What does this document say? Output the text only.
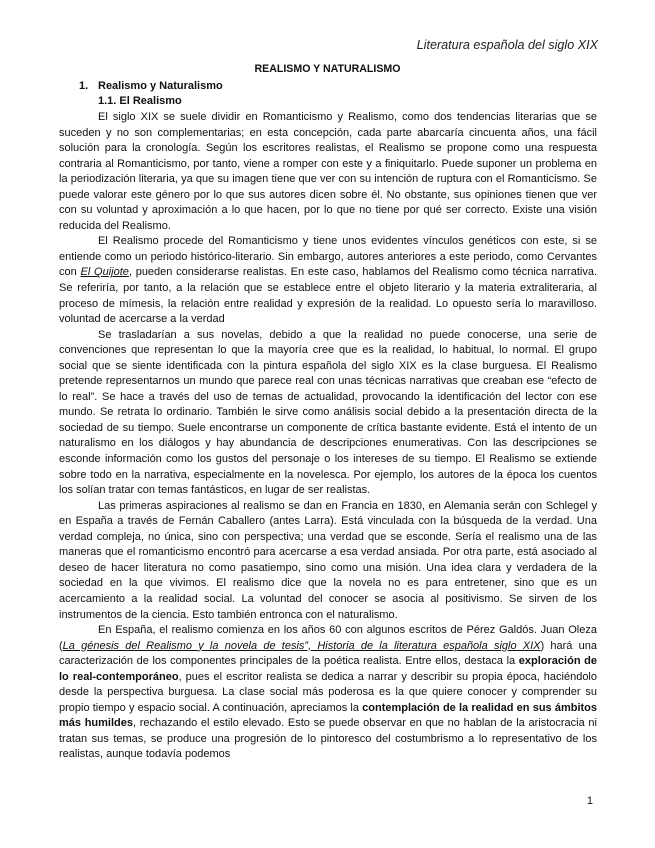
Literatura española del siglo XIX
REALISMO Y NATURALISMO
1. Realismo y Naturalismo
1.1. El Realismo

El siglo XIX se suele dividir en Romanticismo y Realismo, como dos tendencias literarias que se suceden y no son complementarias; en esta concepción, cada parte abarcaría cincuenta años, una fácil solución para la cronología. Según los escritores realistas, el Realismo se propone como una respuesta contraria al Romanticismo, por tanto, viene a romper con este y a finiquitarlo. Puede suponer un problema en la periodización literaria, ya que su imagen tiene que ver con su intención de ruptura con el Romanticismo. Se puede valorar este género por lo que sus autores dicen sobre él. No obstante, sus opiniones tienen que ver con su voluntad y aproximación a lo que hacen, por lo que no tiene por qué ser correcto. Existe una visión reducida del Realismo.

El Realismo procede del Romanticismo y tiene unos evidentes vínculos genéticos con este, si se entiende como un periodo histórico-literario. Sin embargo, autores anteriores a este periodo, como Cervantes con El Quijote, pueden considerarse realistas. En este caso, hablamos del Realismo como técnica narrativa. Se referiría, por tanto, a la relación que se establece entre el objeto literario y la materia extraliteraria, al proceso de mímesis, la relación entre realidad y expresión de la realidad. Lo opuesto sería lo maravilloso. voluntad de acercarse a la verdad

Se trasladarían a sus novelas, debido a que la realidad no puede conocerse, una serie de convenciones que representan lo que la mayoría cree que es la realidad, lo habitual, lo normal. El grupo social que se siente identificada con la pintura española del siglo XIX es la clase burguesa. El Realismo pretende representarnos un mundo que parece real con unas técnicas narrativas que creaban ese “efecto de lo real”. Se hace a través del uso de temas de actualidad, provocando la identificación del lector con ese mundo. Se retrata lo ordinario. También le sirve como análisis social debido a la presentación directa de la sociedad de su tiempo. Suele encontrarse un componente de crítica bastante evidente. Está el intento de un naturalismo en los diálogos y hay abundancia de descripciones enumerativas. Con las descripciones se esconde información como los gustos del personaje o los intereses de su tiempo. El Realismo se extiende sobre todo en la narrativa, especialmente en la novelesca. Por ejemplo, los autores de la época los cuentos los solían tratar con temas fantásticos, en lugar de ser realistas.

Las primeras aspiraciones al realismo se dan en Francia en 1830, en Alemania serán con Schlegel y en España a través de Fernán Caballero (antes Larra). Está vinculada con la búsqueda de la verdad. Una verdad compleja, no única, sino con perspectiva; una verdad que se esconde. Sería el realismo una de las maneras que el romanticismo encontró para acercarse a esa verdad ansiada. Por otra parte, está asociado al deseo de hacer literatura no como pasatiempo, sino como una misión. Una idea clara y verdadera de la sociedad en la que vivimos. El realismo dice que la novela no es para entretener, sino que es un acercamiento a la realidad social. La voluntad del conocer se asocia al positivismo. Se sirven de los instrumentos de la ciencia. Esto también entronca con el naturalismo.

En España, el realismo comienza en los años 60 con algunos escritos de Pérez Galdós. Juan Oleza (La génesis del Realismo y la novela de tesis”, Historia de la literatura española siglo XIX) hará una caracterización de los componentes principales de la poética realista. Entre ellos, destaca la exploración de lo real-contemporáneo, pues el escritor realista se dedica a narrar y describir su propia época, haciéndolo desde la perspectiva burguesa. La clase social más poderosa es la que quiere conocer y comprender su propio tiempo y espacio social. A continuación, apreciamos la contemplación de la realidad en sus ámbitos más humildes, rechazando el estilo elevado. Esto se puede observar en que no hablan de la aristocracia ni tratan sus temas, se produce una progresión de lo pintoresco del costumbrismo a lo representativo de los realistas, aunque todavía podemos

1
